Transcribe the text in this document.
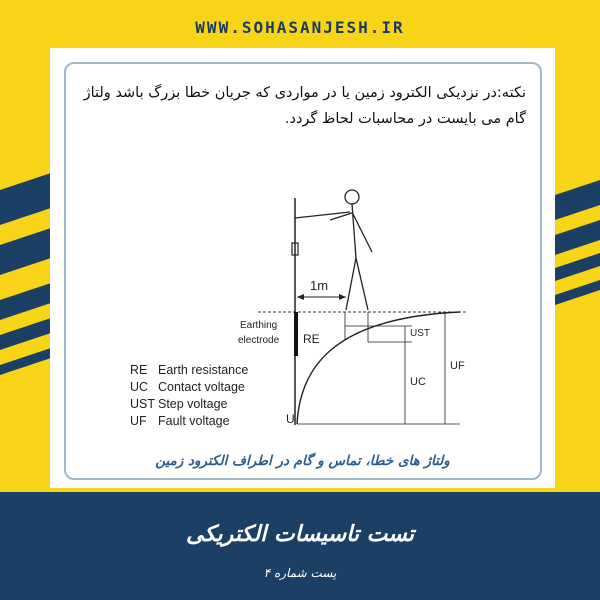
WWW.SOHASANJESH.IR
نکته:در نزدیکی الکترود زمین یا در مواردی که جریان خطا بزرگ باشد ولتاژ گام می بایست در محاسبات لحاظ گردد.
1m
Earthing
electrode RE	UST
UC
UF
U
RE Earth resistance
UC Contact voltage
UST Step voltage
UF Fault voltage
ولتاژ های خطا، تماس و گام در اطراف الکترود زمین
تست تاسیسات الکتریکی
پست شماره ۴
